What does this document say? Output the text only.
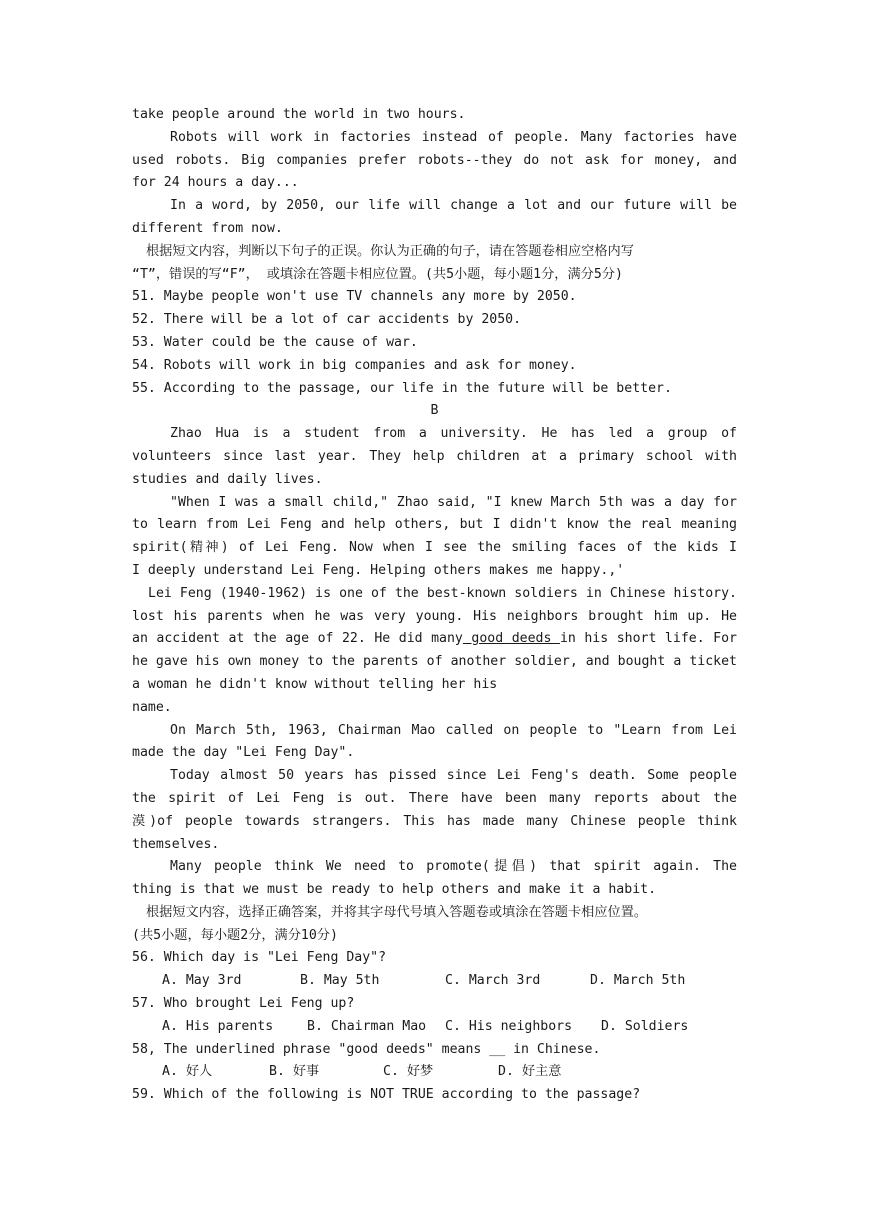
take people around the world in two hours.
Robots will work in factories instead of people. Many factories have
used robots. Big companies prefer robots--they do not ask for money, and
for 24 hours a day...
In a word, by 2050, our life will change a lot and our future will be
different from now.
根据短文内容，判断以下句子的正误。你认为正确的句子，请在答题卷相应空格内写
“T”，错误的写“F”， 或填涂在答题卡相应位置。(共5小题，每小题1分，满分5分)
51. Maybe people won't use TV channels any more by 2050.
52. There will be a lot of car accidents by 2050.
53. Water could be the cause of war.
54. Robots will work in big companies and ask for money.
55. According to the passage, our life in the future will be better.
B
Zhao Hua is a student from a university. He has led a group of
volunteers since last year. They help children at a primary school with
studies and daily lives.
"When I was a small child," Zhao said, "I knew March 5th was a day for
to learn from Lei Feng and help others, but I didn't know the real meaning
spirit(精神) of Lei Feng. Now when I see the smiling faces of the kids I
I deeply understand Lei Feng. Helping others makes me happy.,'
Lei Feng (1940-1962) is one of the best-known soldiers in Chinese history.
lost his parents when he was very young. His neighbors brought him up. He
an accident at the age of 22. He did many good deeds in his short life. For
he gave his own money to the parents of another soldier, and bought a ticket
a woman he didn't know without telling her his
name.
On March 5th, 1963, Chairman Mao called on people to "Learn from Lei
made the day "Lei Feng Day".
Today almost 50 years has pissed since Lei Feng's death. Some people
the spirit of Lei Feng is out. There have been many reports about the
漠)of people towards strangers. This has made many Chinese people think
themselves.
Many people think We need to promote(提倡) that spirit again. The
thing is that we must be ready to help others and make it a habit.
根据短文内容，选择正确答案，并将其字母代号填入答题卷或填涂在答题卡相应位置。
(共5小题，每小题2分，满分10分)
56. Which day is "Lei Feng Day"?
A. May 3rd	B. May 5th	C. March 3rd	D. March 5th
57. Who brought Lei Feng up?
A. His parents	B. Chairman Mao	C. His neighbors	D. Soldiers
58, The underlined phrase "good deeds" means __ in Chinese.
A. 好人	B. 好事	C. 好梦	D. 好主意
59. Which of the following is NOT TRUE according to the passage?
